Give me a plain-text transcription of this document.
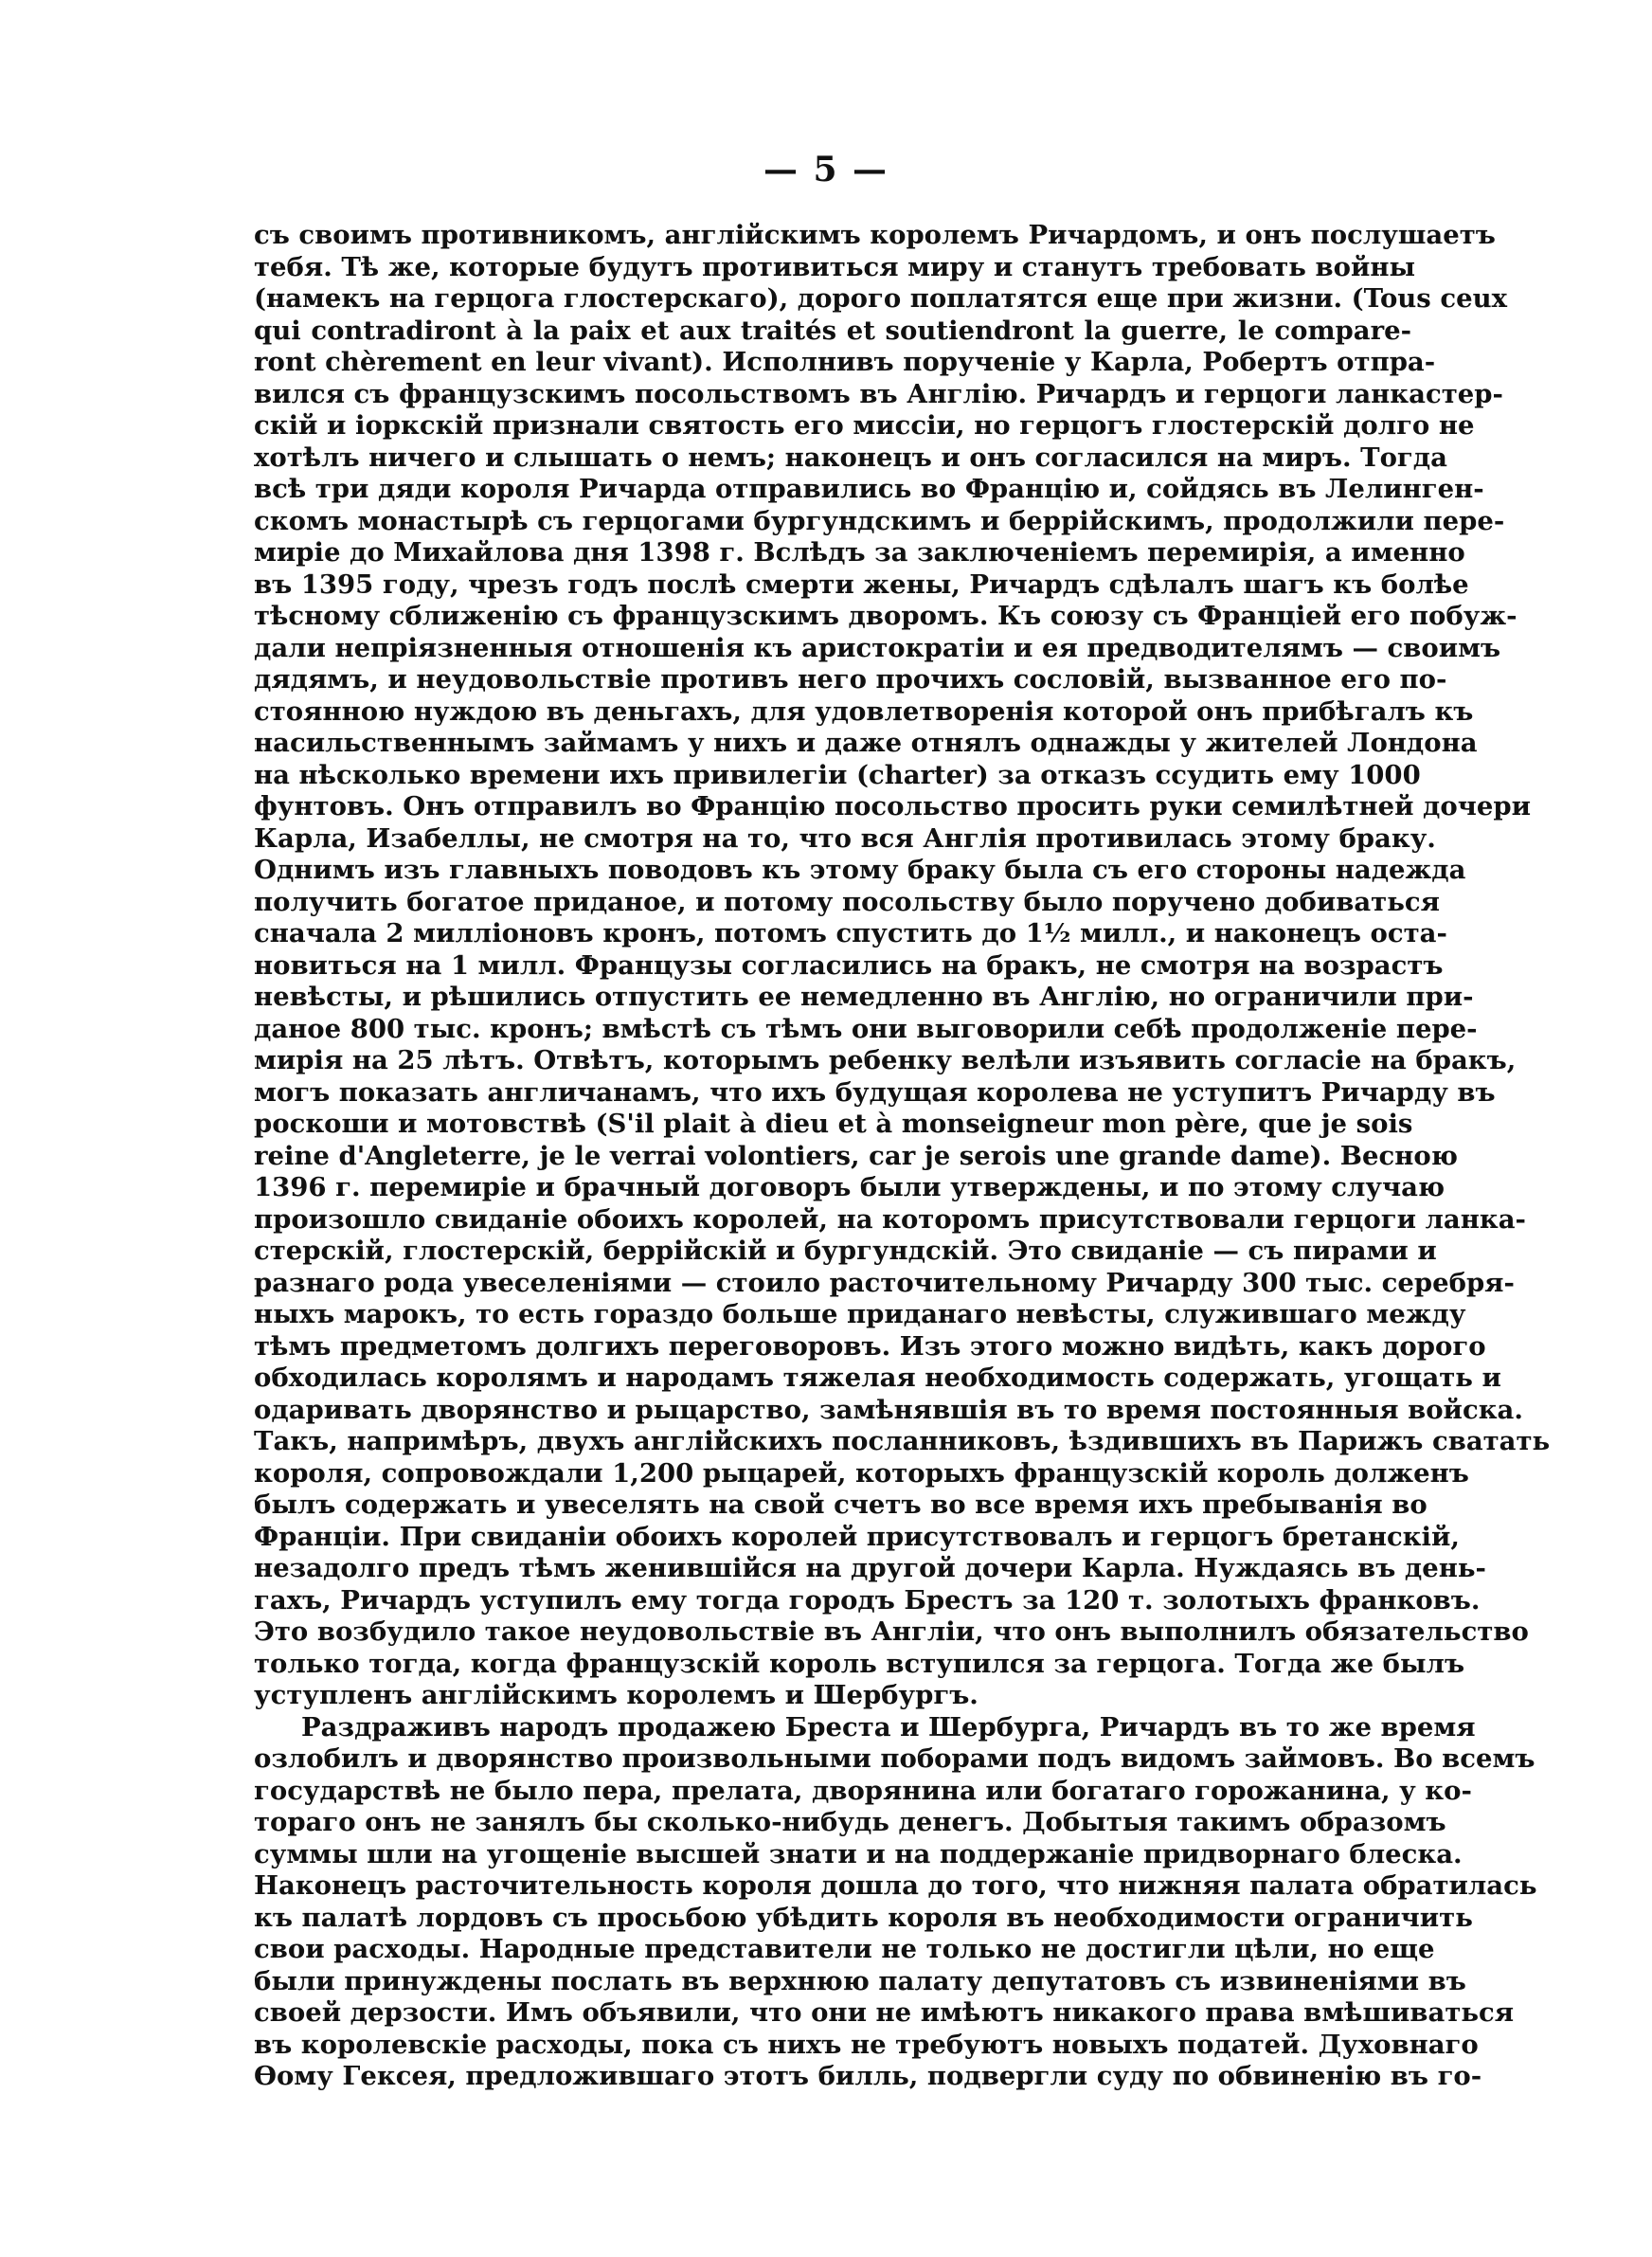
— 5 —
съ своимъ противникомъ, англійскимъ королемъ Ричардомъ, и онъ послушаетъ
тебя. Тѣ же, которые будутъ противиться миру и станутъ требовать войны
(намекъ на герцога глостерскаго), дорого поплатятся еще при жизни. (Tous ceux
qui contradiront à la paix et aux traités et soutiendront la guerre, le compare-
ront chèrement en leur vivant). Исполнивъ порученіе у Карла, Робертъ отпра-
вился съ французскимъ посольствомъ въ Англію. Ричардъ и герцоги ланкастер-
скій и іоркскій признали святость его миссіи, но герцогъ глостерскій долго не
хотѣлъ ничего и слышать о немъ; наконецъ и онъ согласился на миръ. Тогда
всѣ три дяди короля Ричарда отправились во Францію и, сойдясь въ Лелинген-
скомъ монастырѣ съ герцогами бургундскимъ и беррійскимъ, продолжили пере-
миріе до Михайлова дня 1398 г. Вслѣдъ за заключеніемъ перемирія, а именно
въ 1395 году, чрезъ годъ послѣ смерти жены, Ричардъ сдѣлалъ шагъ къ болѣе
тѣсному сближенію съ французскимъ дворомъ. Къ союзу съ Франціей его побуж-
дали непріязненныя отношенія къ аристократіи и ея предводителямъ — своимъ
дядямъ, и неудовольствіе противъ него прочихъ сословій, вызванное его по-
стоянною нуждою въ деньгахъ, для удовлетворенія которой онъ прибѣгалъ къ
насильственнымъ займамъ у нихъ и даже отнялъ однажды у жителей Лондона
на нѣсколько времени ихъ привилегіи (charter) за отказъ ссудить ему 1000
фунтовъ. Онъ отправилъ во Францію посольство просить руки семилѣтней дочери
Карла, Изабеллы, не смотря на то, что вся Англія противилась этому браку.
Однимъ изъ главныхъ поводовъ къ этому браку была съ его стороны надежда
получить богатое приданое, и потому посольству было поручено добиваться
сначала 2 милліоновъ кронъ, потомъ спустить до 1½ милл., и наконецъ оста-
новиться на 1 милл. Французы согласились на бракъ, не смотря на возрастъ
невѣсты, и рѣшились отпустить ее немедленно въ Англію, но ограничили при-
даное 800 тыс. кронъ; вмѣстѣ съ тѣмъ они выговорили себѣ продолженіе пере-
мирія на 25 лѣтъ. Отвѣтъ, которымъ ребенку велѣли изъявить согласіе на бракъ,
могъ показать англичанамъ, что ихъ будущая королева не уступитъ Ричарду въ
роскоши и мотовствѣ (S'il plait à dieu et à monseigneur mon père, que je sois
reine d'Angleterre, je le verrai volontiers, car je serois une grande dame). Весною
1396 г. перемиріе и брачный договоръ были утверждены, и по этому случаю
произошло свиданіе обоихъ королей, на которомъ присутствовали герцоги ланка-
стерскій, глостерскій, беррійскій и бургундскій. Это свиданіе — съ пирами и
разнаго рода увеселеніями — стоило расточительному Ричарду 300 тыс. серебря-
ныхъ марокъ, то есть гораздо больше приданаго невѣсты, служившаго между
тѣмъ предметомъ долгихъ переговоровъ. Изъ этого можно видѣть, какъ дорого
обходилась королямъ и народамъ тяжелая необходимость содержать, угощать и
одаривать дворянство и рыцарство, замѣнявшія въ то время постоянныя войска.
Такъ, напримѣръ, двухъ англійскихъ посланниковъ, ѣздившихъ въ Парижъ сватать
короля, сопровождали 1,200 рыцарей, которыхъ французскій король долженъ
былъ содержать и увеселять на свой счетъ во все время ихъ пребыванія во
Франціи. При свиданіи обоихъ королей присутствовалъ и герцогъ бретанскій,
незадолго предъ тѣмъ женившійся на другой дочери Карла. Нуждаясь въ день-
гахъ, Ричардъ уступилъ ему тогда городъ Брестъ за 120 т. золотыхъ франковъ.
Это возбудило такое неудовольствіе въ Англіи, что онъ выполнилъ обязательство
только тогда, когда французскій король вступился за герцога. Тогда же былъ
уступленъ англійскимъ королемъ и Шербургъ.
Раздраживъ народъ продажею Бреста и Шербурга, Ричардъ въ то же время
озлобилъ и дворянство произвольными поборами подъ видомъ займовъ. Во всемъ
государствѣ не было пера, прелата, дворянина или богатаго горожанина, у ко-
тораго онъ не занялъ бы сколько-нибудь денегъ. Добытыя такимъ образомъ
суммы шли на угощеніе высшей знати и на поддержаніе придворнаго блеска.
Наконецъ расточительность короля дошла до того, что нижняя палата обратилась
къ палатѣ лордовъ съ просьбою убѣдить короля въ необходимости ограничить
свои расходы. Народные представители не только не достигли цѣли, но еще
были принуждены послать въ верхнюю палату депутатовъ съ извиненіями въ
своей дерзости. Имъ объявили, что они не имѣютъ никакого права вмѣшиваться
въ королевскіе расходы, пока съ нихъ не требуютъ новыхъ податей. Духовнаго
Ѳому Гексея, предложившаго этотъ билль, подвергли суду по обвиненію въ го-
